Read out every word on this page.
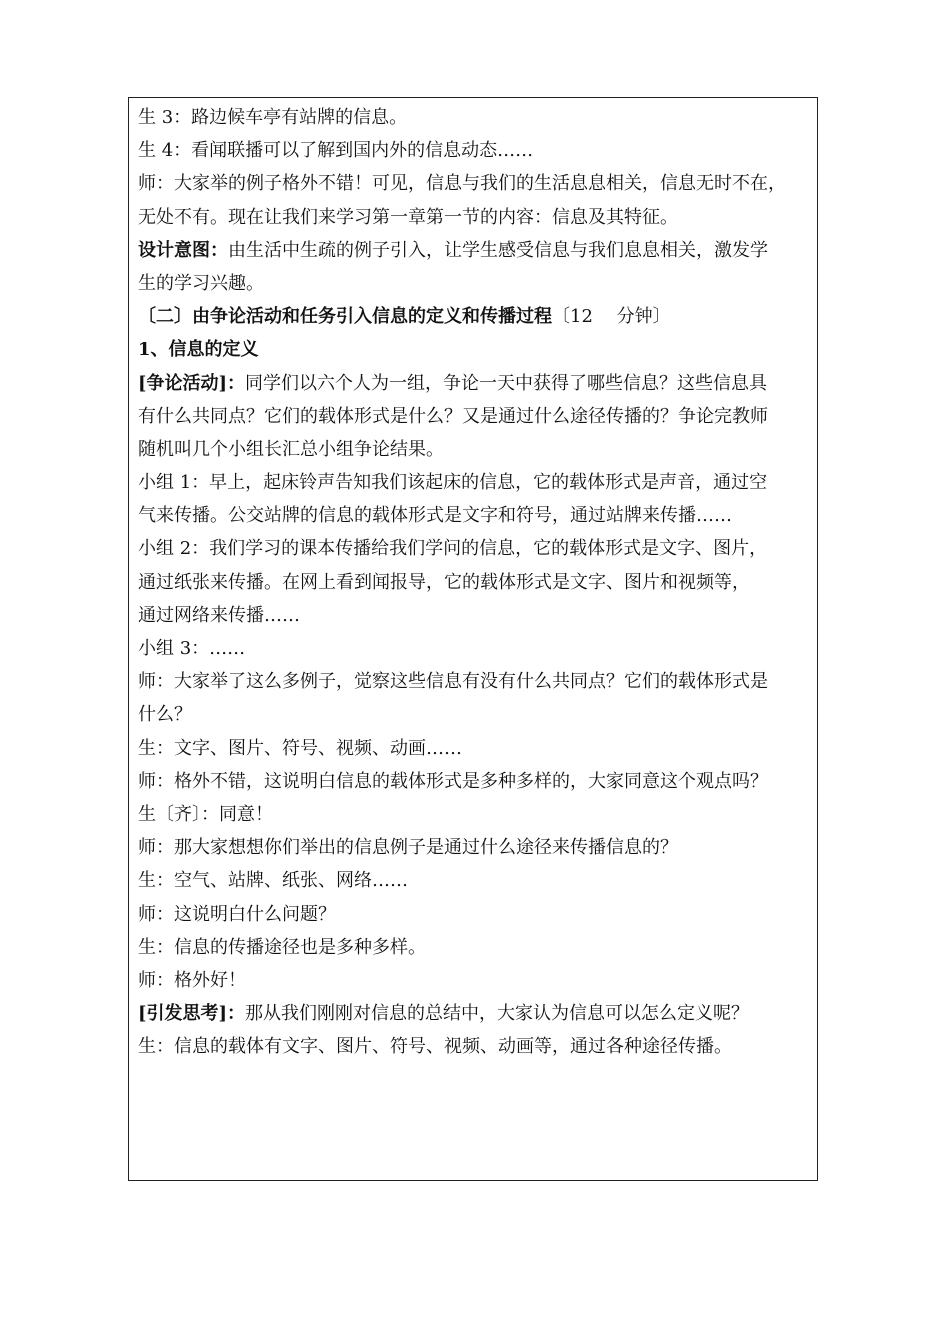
生 3：路边候车亭有站牌的信息。
生 4：看闻联播可以了解到国内外的信息动态……
师：大家举的例子格外不错！可见，信息与我们的生活息息相关，信息无时不在，
无处不有。现在让我们来学习第一章第一节的内容：信息及其特征。
设计意图：由生活中生疏的例子引入，让学生感受信息与我们息息相关，激发学
生的学习兴趣。
〔二〕由争论活动和任务引入信息的定义和传播过程〔12　 分钟〕
1、信息的定义
[争论活动]：同学们以六个人为一组，争论一天中获得了哪些信息？这些信息具
有什么共同点？它们的载体形式是什么？又是通过什么途径传播的？争论完教师
随机叫几个小组长汇总小组争论结果。
小组 1：早上，起床铃声告知我们该起床的信息，它的载体形式是声音，通过空
气来传播。公交站牌的信息的载体形式是文字和符号，通过站牌来传播……
小组 2：我们学习的课本传播给我们学问的信息，它的载体形式是文字、图片，
通过纸张来传播。在网上看到闻报导，它的载体形式是文字、图片和视频等，
通过网络来传播……
小组 3：……
师：大家举了这么多例子，觉察这些信息有没有什么共同点？它们的载体形式是
什么？
生：文字、图片、符号、视频、动画……
师：格外不错，这说明白信息的载体形式是多种多样的，大家同意这个观点吗？
生〔齐〕：同意！
师：那大家想想你们举出的信息例子是通过什么途径来传播信息的？
生：空气、站牌、纸张、网络……
师：这说明白什么问题？
生：信息的传播途径也是多种多样。
师：格外好！
[引发思考]：那从我们刚刚对信息的总结中，大家认为信息可以怎么定义呢？
生：信息的载体有文字、图片、符号、视频、动画等，通过各种途径传播。
